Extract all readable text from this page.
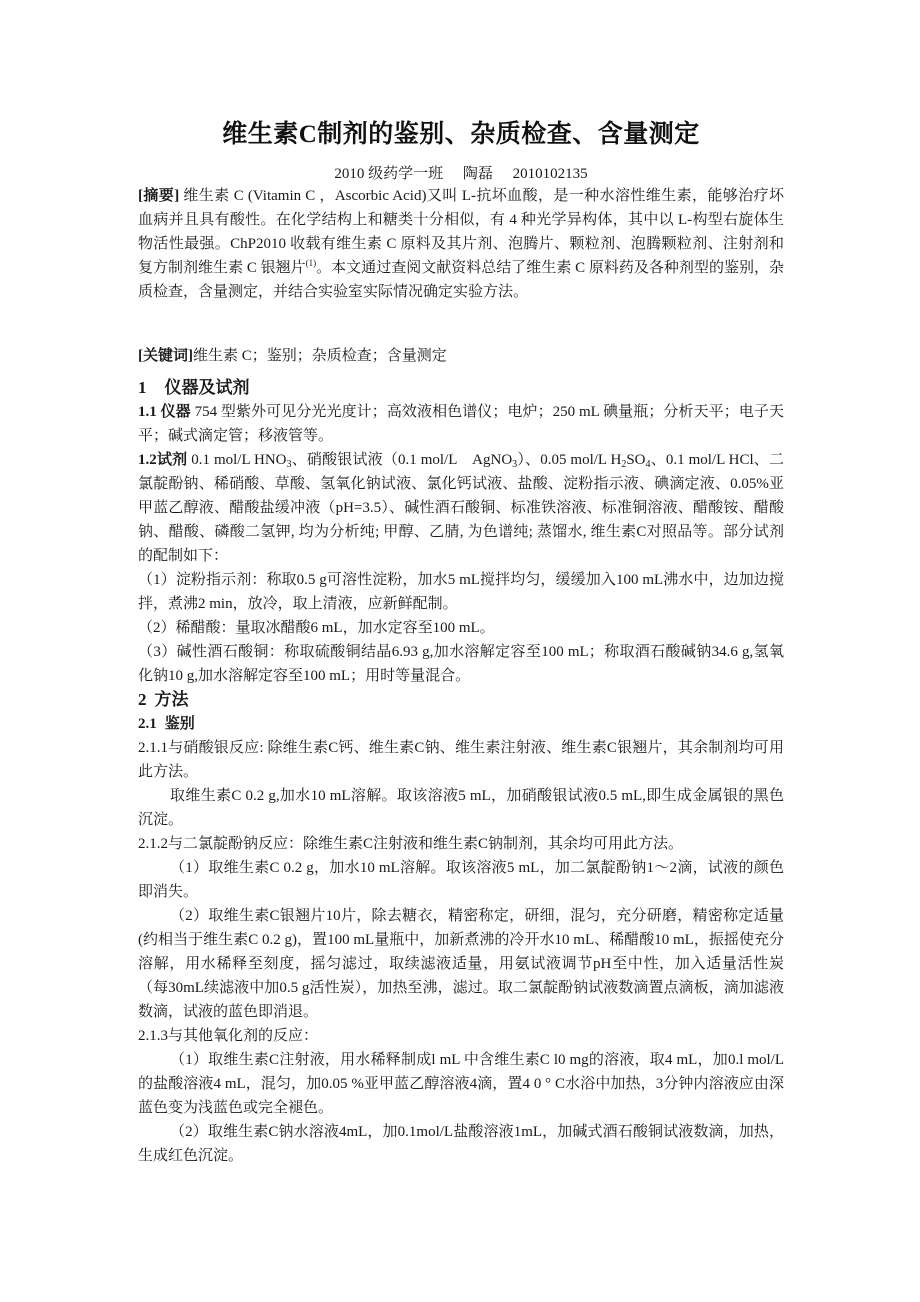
维生素C制剂的鉴别、杂质检查、含量测定
2010 级药学一班 陶磊 2010102135

[摘要] 维生素 C (Vitamin C ，Ascorbic Acid)又叫 L-抗坏血酸，是一种水溶性维生素，能够治疗坏血病并且具有酸性。在化学结构上和糖类十分相似，有 4 种光学异构体，其中以 L-构型右旋体生物活性最强。ChP2010 收载有维生素 C 原料及其片剂、泡腾片、颗粒剂、泡腾颗粒剂、注射剂和复方制剂维生素 C 银翘片$^{(1)}$。本文通过查阅文献资料总结了维生素 C 原料药及各种剂型的鉴别，杂质检查，含量测定，并结合实验室实际情况确定实验方法。

[关键词]维生素 C；鉴别；杂质检查；含量测定

1 仪器及试剂

1.1 仪器 754 型紫外可见分光光度计；高效液相色谱仪；电炉；250 mL 碘量瓶；分析天平；电子天平；碱式滴定管；移液管等。

1.2试剂 0.1 mol/L $HNO_3$、硝酸银试液（0.1 mol/L　AgNO$_3$）、0.05 mol/L $H_2SO_4$、0.1 mol/L HCl、二氯靛酚钠、稀硝酸、草酸、氢氧化钠试液、氯化钙试液、盐酸、淀粉指示液、碘滴定液、0.05%亚甲蓝乙醇液、醋酸盐缓冲液（pH=3.5）、碱性酒石酸铜、标准铁溶液、标准铜溶液、醋酸铵、醋酸钠、醋酸、磷酸二氢钾, 均为分析纯; 甲醇、乙腈, 为色谱纯; 蒸馏水, 维生素C对照品等。部分试剂的配制如下：

（1）淀粉指示剂：称取0.5 g可溶性淀粉，加水5 mL搅拌均匀，缓缓加入100 mL沸水中，边加边搅拌，煮沸2 min，放冷，取上清液，应新鲜配制。

（2）稀醋酸：量取冰醋酸6 mL，加水定容至100 mL。

（3）碱性酒石酸铜：称取硫酸铜结晶6.93 g,加水溶解定容至100 mL；称取酒石酸碱钠34.6 g,氢氧化钠10 g,加水溶解定容至100 mL；用时等量混合。

2 方法
2.1 鉴别

2.1.1与硝酸银反应: 除维生素C钙、维生素C钠、维生素注射液、维生素C银翘片，其余制剂均可用此方法。

取维生素C 0.2 g,加水10 mL溶解。取该溶液5 mL，加硝酸银试液0.5 mL,即生成金属银的黑色沉淀。

2.1.2与二氯靛酚钠反应：除维生素C注射液和维生素C钠制剂，其余均可用此方法。

（1）取维生素C 0.2 g，加水10 mL溶解。取该溶液5 mL，加二氯靛酚钠1～2滴，试液的颜色即消失。

（2）取维生素C银翘片10片，除去糖衣，精密称定，研细，混匀，充分研磨，精密称定适量(约相当于维生素C 0.2 g)，置100 mL量瓶中，加新煮沸的冷开水10 mL、稀醋酸10 mL，振摇使充分溶解，用水稀释至刻度，摇匀滤过，取续滤液适量，用氨试液调节pH至中性，加入适量活性炭（每30mL续滤液中加0.5 g活性炭），加热至沸，滤过。取二氯靛酚钠试液数滴置点滴板，滴加滤液数滴，试液的蓝色即消退。

2.1.3与其他氧化剂的反应：

（1）取维生素C注射液，用水稀释制成l mL 中含维生素C l0 mg的溶液，取4 mL，加0.l mol/L的盐酸溶液4 mL，混匀，加0.05 %亚甲蓝乙醇溶液4滴，置4 0 ° C水浴中加热，3分钟内溶液应由深蓝色变为浅蓝色或完全褪色。

（2）取维生素C钠水溶液4mL，加0.1mol/L盐酸溶液1mL，加碱式酒石酸铜试液数滴，加热，生成红色沉淀。
